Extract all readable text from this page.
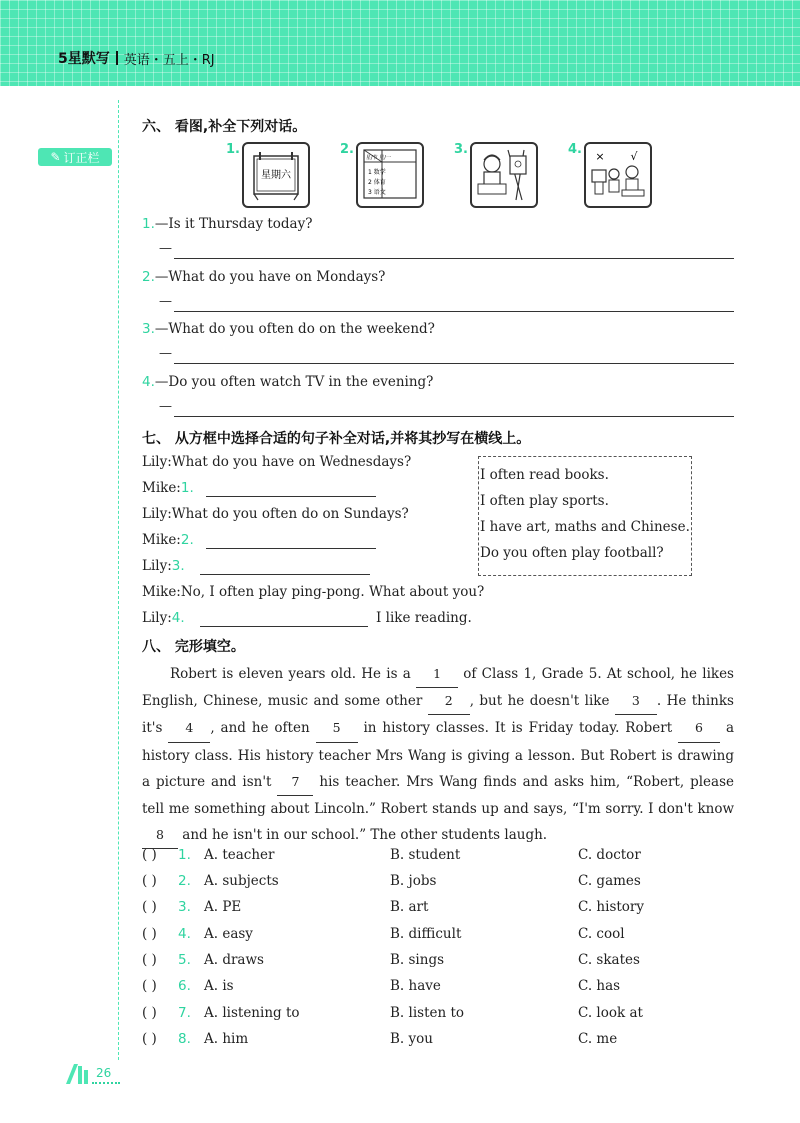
5星默写 英语・五上・RJ
✎ 订正栏
六、 看图,补全下列对话。
1.
星期六
2.
星/节 星/一
1 数学
2 体育
3 语文
3.	4. × √
1.—Is it Thursday today?
—
2.—What do you have on Mondays?
—
3.—What do you often do on the weekend?
—
4.—Do you often watch TV in the evening?
—
七、 从方框中选择合适的句子补全对话,并将其抄写在横线上。
Lily:What do you have on Wednesdays?
Mike:1.
Lily:What do you often do on Sundays?
Mike:2.
Lily:3.
Mike:No, I often play ping-pong. What about you?
Lily:4.	I like reading.
I often read books.
I often play sports.
I have art, maths and Chinese.
Do you often play football?
八、 完形填空。
Robert is eleven years old. He is a 1 of Class 1, Grade 5. At school, he likes English, Chinese, music and some other 2 , but he doesn't like 3 . He thinks it's 4 , and he often 5 in history classes. It is Friday today. Robert 6 a history class. His history teacher Mrs Wang is giving a lesson. But Robert is drawing a picture and isn't 7 his teacher. Mrs Wang finds and asks him, “Robert, please tell me something about Lincoln.” Robert stands up and says, “I'm sorry. I don't know 8 and he isn't in our school.” The other students laugh.
( ) 1. A. teacher	B. student	C. doctor
( ) 2. A. subjects	B. jobs	C. games
( ) 3. A. PE	B. art	C. history
( ) 4. A. easy	B. difficult	C. cool
( ) 5. A. draws	B. sings	C. skates
( ) 6. A. is	B. have	C. has
( ) 7. A. listening to	B. listen to	C. look at
( ) 8. A. him	B. you	C. me
26
